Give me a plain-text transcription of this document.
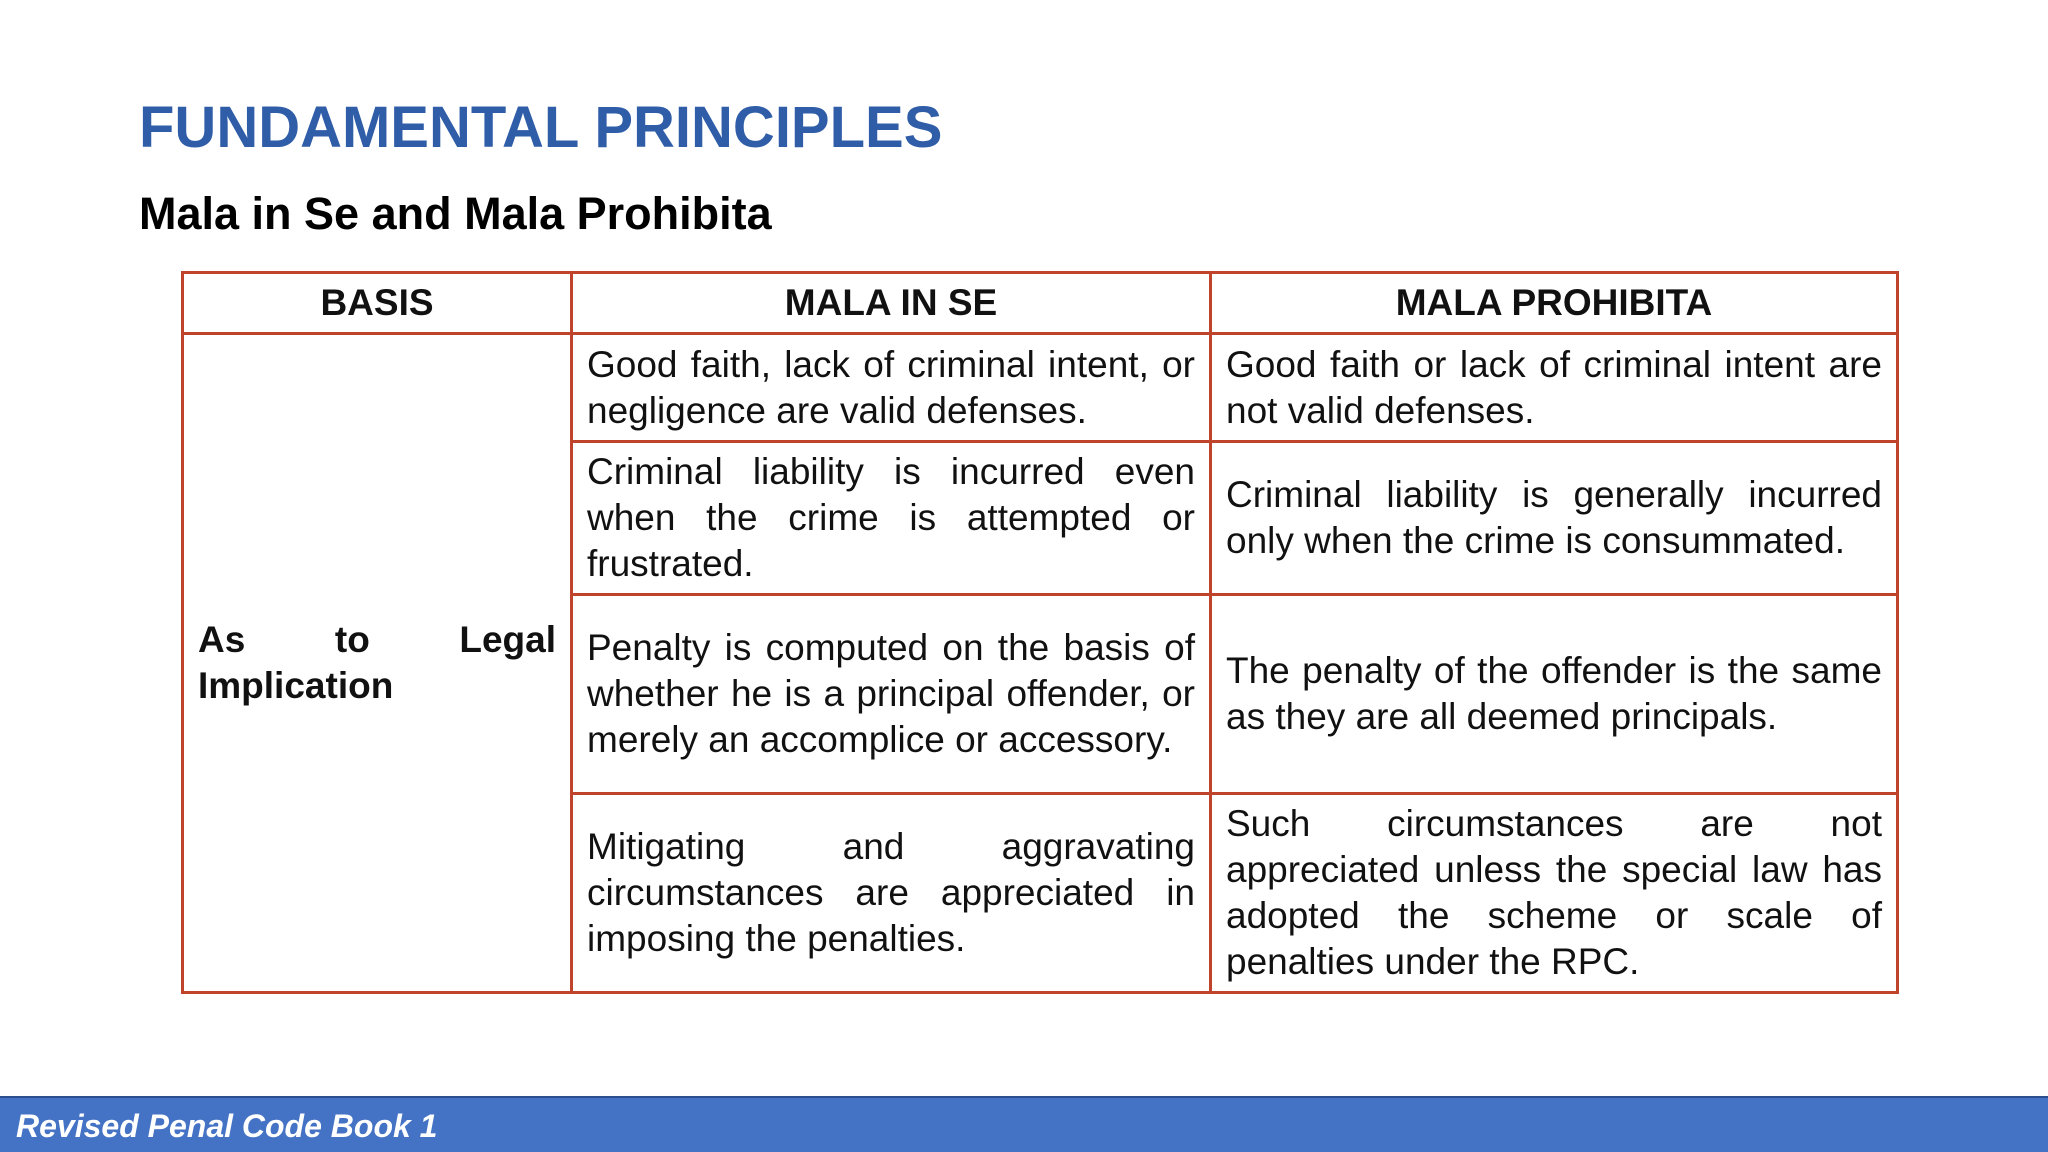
FUNDAMENTAL PRINCIPLES
Mala in Se and Mala Prohibita
BASIS	MALA IN SE	MALA PROHIBITA
As to Legal Implication	Good faith, lack of criminal intent, or negligence are valid defenses.	Good faith or lack of criminal intent are not valid defenses.
	Criminal liability is incurred even when the crime is attempted or frustrated.	Criminal liability is generally incurred only when the crime is consummated.
	Penalty is computed on the basis of whether he is a principal offender, or merely an accomplice or accessory.	The penalty of the offender is the same as they are all deemed principals.
	Mitigating and aggravating circumstances are appreciated in imposing the penalties.	Such circumstances are not appreciated unless the special law has adopted the scheme or scale of penalties under the RPC.
Revised Penal Code Book 1
